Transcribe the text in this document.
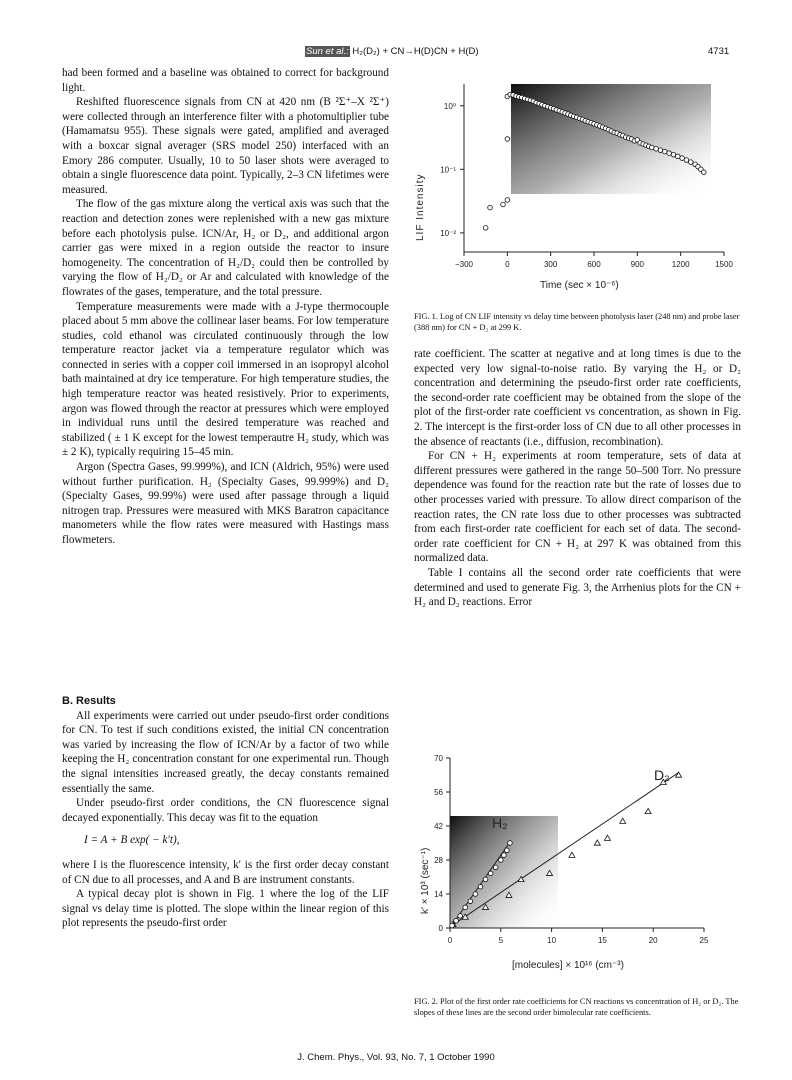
Sun et al.: H₂(D₂) + CN→H(D)CN + H(D)	4731

had been formed and a baseline was obtained to correct for background light.

Reshifted fluorescence signals from CN at 420 nm (B ²Σ⁺–X ²Σ⁺) were collected through an interference filter with a photomultiplier tube (Hamamatsu 955). These signals were gated, amplified and averaged with a boxcar signal averager (SRS model 250) interfaced with an Emory 286 computer. Usually, 10 to 50 laser shots were averaged to obtain a single fluorescence data point. Typically, 2–3 CN lifetimes were measured.

The flow of the gas mixture along the vertical axis was such that the reaction and detection zones were replenished with a new gas mixture before each photolysis pulse. ICN/Ar, H₂ or D₂, and additional argon carrier gas were mixed in a region outside the reactor to insure homogeneity. The concentration of H₂/D₂ could then be controlled by varying the flow of H₂/D₂ or Ar and calculated with knowledge of the flowrates of the gases, temperature, and the total pressure.

Temperature measurements were made with a J-type thermocouple placed about 5 mm above the collinear laser beams. For low temperature studies, cold ethanol was circulated continuously through the low temperature reactor jacket via a temperature regulator which was connected in series with a copper coil immersed in an isopropyl alcohol bath maintained at dry ice temperature. For high temperature studies, the high temperature reactor was heated resistively. Prior to experiments, argon was flowed through the reactor at pressures which were employed in individual runs until the desired temperature was reached and stabilized ( ± 1 K except for the lowest temperautre H₂ study, which was ± 2 K), typically requiring 15–45 min.

Argon (Spectra Gases, 99.999%), and ICN (Aldrich, 95%) were used without further purification. H₂ (Specialty Gases, 99.999%) and D₂ (Specialty Gases, 99.99%) were used after passage through a liquid nitrogen trap. Pressures were measured with MKS Baratron capacitance manometers while the flow rates were measured with Hastings mass flowmeters.

B. Results

All experiments were carried out under pseudo-first order conditions for CN. To test if such conditions existed, the initial CN concentration was varied by increasing the flow of ICN/Ar by a factor of two while keeping the H₂ concentration constant for one experimental run. Though the signal intensities increased greatly, the decay constants remained essentially the same.

Under pseudo-first order conditions, the CN fluorescence signal decayed exponentially. This decay was fit to the equation

I = A + B exp( − k′t),

where I is the fluorescence intensity, k′ is the first order decay constant of CN due to all processes, and A and B are instrument constants.

A typical decay plot is shown in Fig. 1 where the log of the LIF signal vs delay time is plotted. The slope within the linear region of this plot represents the pseudo-first order

−300	0	300	600	900	1200	1500
10⁰
10⁻¹
10⁻²
LIF Intensity
Time (sec × 10⁻⁶)
FIG. 1. Log of CN LIF intensity vs delay time between photolysis laser (248 nm) and probe laser (388 nm) for CN + D₂ at 299 K.

rate coefficient. The scatter at negative and at long times is due to the expected very low signal-to-noise ratio. By varying the H₂ or D₂ concentration and determining the pseudo-first order rate coefficients, the second-order rate coefficient may be obtained from the slope of the plot of the first-order rate coefficient vs concentration, as shown in Fig. 2. The intercept is the first-order loss of CN due to all other processes in the absence of reactants (i.e., diffusion, recombination).

For CN + H₂ experiments at room temperature, sets of data at different pressures were gathered in the range 50–500 Torr. No pressure dependence was found for the reaction rate but the rate of losses due to other processes varied with pressure. To allow direct comparison of the reaction rates, the CN rate loss due to other processes was subtracted from each first-order rate coefficient for each set of data. The second-order rate coefficient for CN + H₂ at 297 K was obtained from this normalized data.

Table I contains all the second order rate coefficients that were determined and used to generate Fig. 3, the Arrhenius plots for the CN + H₂ and D₂ reactions. Error

0	5	10	15	20	25
0
14
28
42
56
70
k′ × 10³ (sec⁻¹)
[molecules] × 10¹⁶ (cm⁻³)
D₂
H₂
FIG. 2. Plot of the first order rate coefficients for CN reactions vs concentration of H₂ or D₂. The slopes of these lines are the second order bimolecular rate coefficients.
J. Chem. Phys., Vol. 93, No. 7, 1 October 1990
